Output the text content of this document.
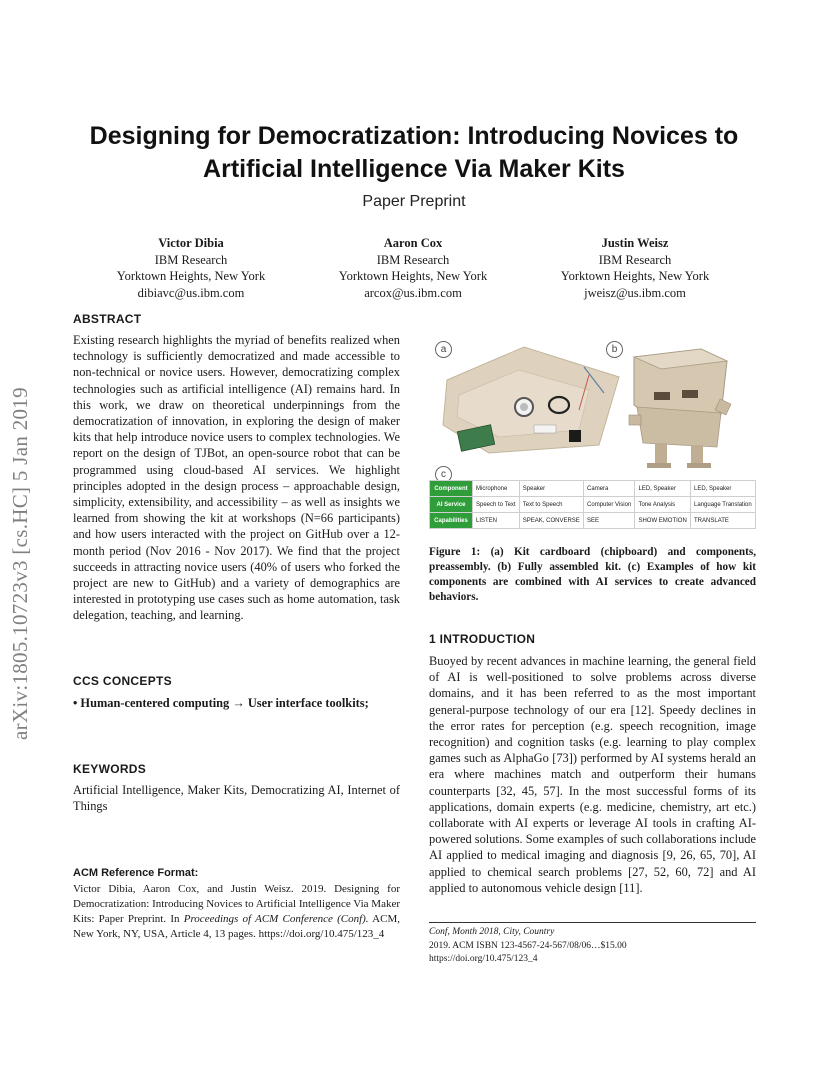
arXiv:1805.10723v3 [cs.HC] 5 Jan 2019
Designing for Democratization: Introducing Novices to Artificial Intelligence Via Maker Kits
Paper Preprint
Victor Dibia
IBM Research
Yorktown Heights, New York
dibiavc@us.ibm.com
Aaron Cox
IBM Research
Yorktown Heights, New York
arcox@us.ibm.com
Justin Weisz
IBM Research
Yorktown Heights, New York
jweisz@us.ibm.com
ABSTRACT

Existing research highlights the myriad of benefits realized when technology is sufficiently democratized and made accessible to non-technical or novice users. However, democratizing complex technologies such as artificial intelligence (AI) remains hard. In this work, we draw on theoretical underpinnings from the democratization of innovation, in exploring the design of maker kits that help introduce novice users to complex technologies. We report on the design of TJBot, an open-source robot that can be programmed using cloud-based AI services. We highlight principles adopted in the design process – approachable design, simplicity, extensibility, and accessibility – as well as insights we learned from showing the kit at workshops (N=66 participants) and how users interacted with the project on GitHub over a 12-month period (Nov 2016 - Nov 2017). We find that the project succeeds in attracting novice users (40% of users who forked the project are new to GitHub) and a variety of demographics are interested in prototyping use cases such as home automation, task delegation, teaching, and learning.

CCS CONCEPTS

• Human-centered computing → User interface toolkits;

KEYWORDS

Artificial Intelligence, Maker Kits, Democratizing AI, Internet of Things

ACM Reference Format:

Victor Dibia, Aaron Cox, and Justin Weisz. 2019. Designing for Democratization: Introducing Novices to Artificial Intelligence Via Maker Kits: Paper Preprint. In Proceedings of ACM Conference (Conf). ACM, New York, NY, USA, Article 4, 13 pages. https://doi.org/10.475/123_4

a	b
c
Component	Microphone	Speaker	Camera	LED, Speaker	LED, Speaker
AI Service	Speech to Text	Text to Speech	Computer Vision	Tone Analysis	Language Translation
Capabilities	LISTEN	SPEAK, CONVERSE	SEE	SHOW EMOTION	TRANSLATE

Figure 1: (a) Kit cardboard (chipboard) and components, preassembly. (b) Fully assembled kit. (c) Examples of how kit components are combined with AI services to create advanced behaviors.

1 INTRODUCTION

Buoyed by recent advances in machine learning, the general field of AI is well-positioned to solve problems across diverse domains, and it has been referred to as the most important general-purpose technology of our era [12]. Speedy declines in the error rates for perception (e.g. speech recognition, image recognition) and cognition tasks (e.g. learning to play complex games such as AlphaGo [73]) performed by AI systems herald an era where machines match and outperform their humans counterparts [32, 45, 57]. In the most successful forms of its applications, domain experts (e.g. medicine, chemistry, art etc.) collaborate with AI experts or leverage AI tools in crafting AI-powered solutions. Some examples of such collaborations include AI applied to medical imaging and diagnosis [9, 26, 65, 70], AI applied to chemical search problems [27, 52, 60, 72] and AI applied to autonomous vehicle design [11].

Conf, Month 2018, City, Country
2019. ACM ISBN 123-4567-24-567/08/06…$15.00
https://doi.org/10.475/123_4
